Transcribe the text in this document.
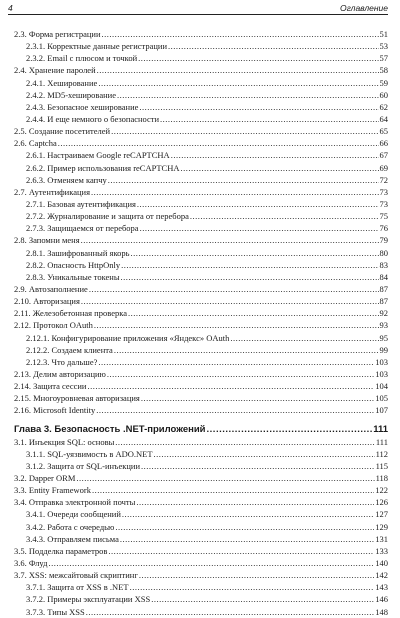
4	Оглавление
2.3. Форма регистрации .....	51
2.3.1. Корректные данные регистрации .....	53
2.3.2. Email с плюсом и точкой .....	57
2.4. Хранение паролей .....	58
2.4.1. Хеширование .....	59
2.4.2. MD5-хеширование .....	60
2.4.3. Безопасное хеширование .....	62
2.4.4. И еще немного о безопасности .....	64
2.5. Создание посетителей .....	65
2.6. Captcha .....	66
2.6.1. Настраиваем Google reCAPTCHA .....	67
2.6.2. Пример использования reCAPTCHA .....	69
2.6.3. Отменяем капчу .....	72
2.7. Аутентификация .....	73
2.7.1. Базовая аутентификация .....	73
2.7.2. Журналирование и защита от перебора .....	75
2.7.3. Защищаемся от перебора .....	76
2.8. Запомни меня .....	79
2.8.1. Зашифрованный якорь .....	80
2.8.2. Опасность HttpOnly .....	83
2.8.3. Уникальные токены .....	84
2.9. Автозаполнение .....	87
2.10. Авторизация .....	87
2.11. Железобетонная проверка .....	92
2.12. Протокол OAuth .....	93
2.12.1. Конфигурирование приложения «Яндекс» OAuth .....	95
2.12.2. Создаем клиента .....	99
2.12.3. Что дальше? .....	103
2.13. Делим авторизацию .....	103
2.14. Защита сессии .....	104
2.15. Многоуровневая авторизация .....	105
2.16. Microsoft Identity .....	107
Глава 3. Безопасность .NET-приложений .....	111
3.1. Инъекция SQL: основы .....	111
3.1.1. SQL-уязвимость в ADO.NET .....	112
3.1.2. Защита от SQL-инъекции .....	115
3.2. Dapper ORM .....	118
3.3. Entity Framework .....	122
3.4. Отправка электронной почты .....	126
3.4.1. Очереди сообщений .....	127
3.4.2. Работа с очередью .....	129
3.4.3. Отправляем письма .....	131
3.5. Подделка параметров .....	133
3.6. Флуд .....	140
3.7. XSS: межсайтовый скриптинг .....	142
3.7.1. Защита от XSS в .NET .....	143
3.7.2. Примеры эксплуатации XSS .....	146
3.7.3. Типы XSS .....	148
